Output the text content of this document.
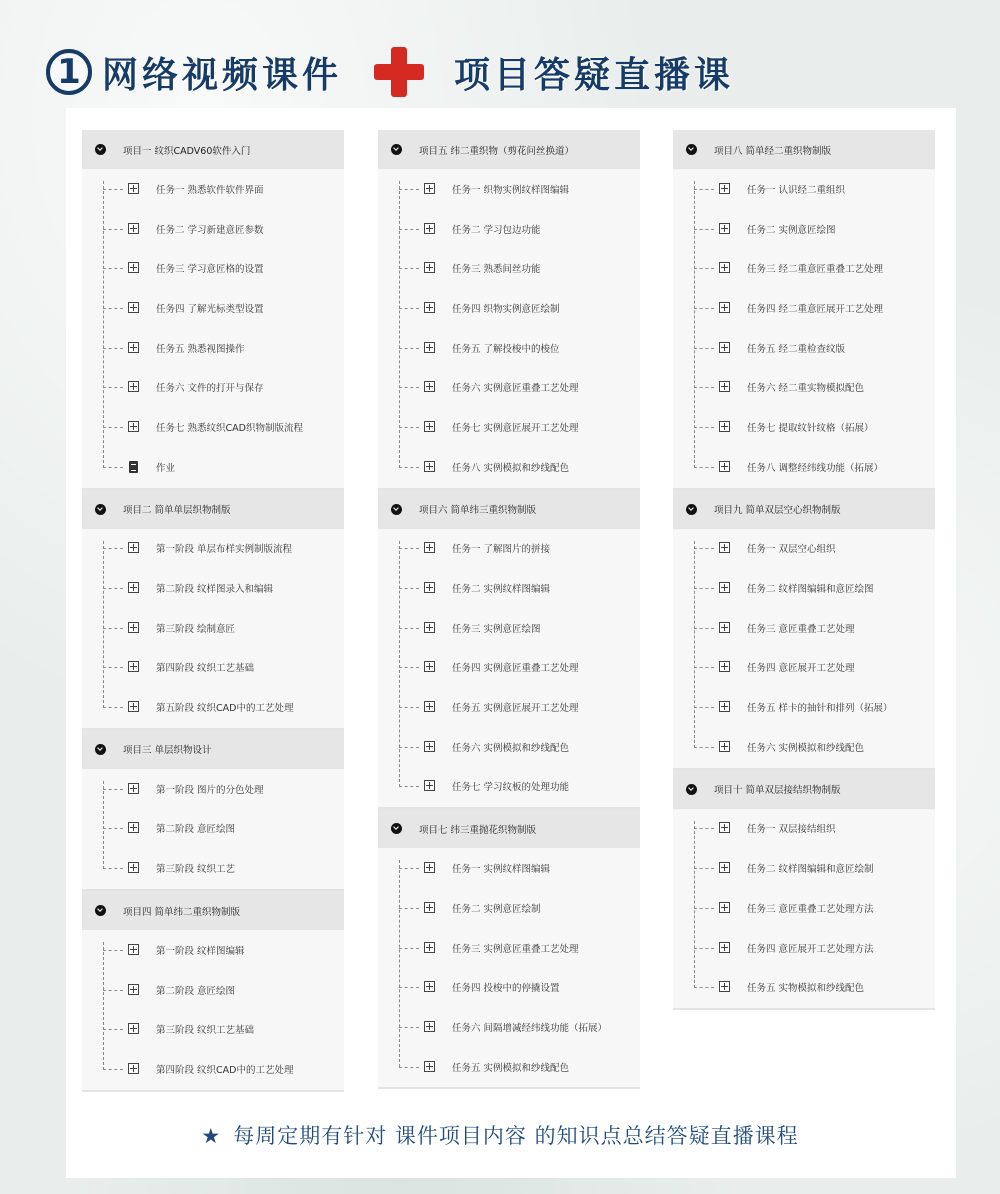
1 网络视频课件	项目答疑直播课
项目一 纹织CADV60软件入门
任务一 熟悉软件软件界面
任务二 学习新建意匠参数
任务三 学习意匠格的设置
任务四 了解光标类型设置
任务五 熟悉视图操作
任务六 文件的打开与保存
任务七 熟悉纹织CAD织物制版流程
作业
项目二 简单单层织物制版
第一阶段 单层布样实例制版流程
第二阶段 纹样图录入和编辑
第三阶段 绘制意匠
第四阶段 纹织工艺基础
第五阶段 纹织CAD中的工艺处理
项目三 单层织物设计
第一阶段 图片的分色处理
第二阶段 意匠绘图
第三阶段 纹织工艺
项目四 简单纬二重织物制版
第一阶段 纹样图编辑
第二阶段 意匠绘图
第三阶段 纹织工艺基础
第四阶段 纹织CAD中的工艺处理
项目五 纬二重织物（剪花问丝换道）
任务一 织物实例纹样图编辑
任务二 学习包边功能
任务三 熟悉间丝功能
任务四 织物实例意匠绘制
任务五 了解投梭中的梭位
任务六 实例意匠重叠工艺处理
任务七 实例意匠展开工艺处理
任务八 实例模拟和纱线配色
项目六 简单纬三重织物制版
任务一 了解图片的拼接
任务二 实例纹样图编辑
任务三 实例意匠绘图
任务四 实例意匠重叠工艺处理
任务五 实例意匠展开工艺处理
任务六 实例模拟和纱线配色
任务七 学习纹板的处理功能
项目七 纬三重抛花织物制版
任务一 实例纹样图编辑
任务二 实例意匠绘制
任务三 实例意匠重叠工艺处理
任务四 投梭中的停撬设置
任务六 间隔增减经纬线功能（拓展）
任务五 实例模拟和纱线配色
项目八 简单经二重织物制版
任务一 认识经二重组织
任务二 实例意匠绘图
任务三 经二重意匠重叠工艺处理
任务四 经二重意匠展开工艺处理
任务五 经二重检查纹版
任务六 经二重实物模拟配色
任务七 提取纹针纹格（拓展）
任务八 调整经纬线功能（拓展）
项目九 简单双层空心织物制版
任务一 双层空心组织
任务二 纹样图编辑和意匠绘图
任务三 意匠重叠工艺处理
任务四 意匠展开工艺处理
任务五 样卡的抽针和排列（拓展）
任务六 实例模拟和纱线配色
项目十 简单双层接结织物制版
任务一 双层接结组织
任务二 纹样图编辑和意匠绘制
任务三 意匠重叠工艺处理方法
任务四 意匠展开工艺处理方法
任务五 实物模拟和纱线配色
★ 每周定期有针对 课件项目内容 的知识点总结答疑直播课程
